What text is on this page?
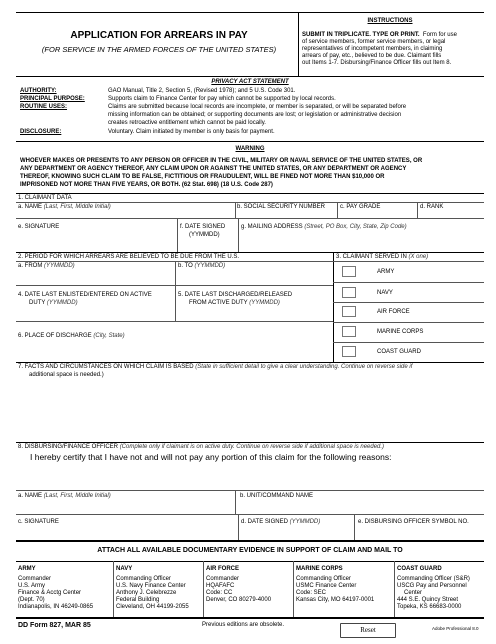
APPLICATION FOR ARREARS IN PAY
(FOR SERVICE IN THE ARMED FORCES OF THE UNITED STATES)
INSTRUCTIONS
SUBMIT IN TRIPLICATE. TYPE OR PRINT. Form for use
of service members, former service members, or legal
representatives of incompetent members, in claiming
arrears of pay, etc., believed to be due. Claimant fills
out Items 1-7. Disbursing/Finance Officer fills out Item 8.
PRIVACY ACT STATEMENT
AUTHORITY:	GAO Manual, Title 2, Section 5, (Revised 1978); and 5 U.S. Code 301.
PRINCIPAL PURPOSE:	Supports claim to Finance Center for pay which cannot be supported by local records.
ROUTINE USES:	Claims are submitted because local records are incomplete, or member is separated, or will be separated before
missing information can be obtained; or supporting documents are lost; or legislation or administrative decision
creates retroactive entitlement which cannot be paid locally.
DISCLOSURE:	Voluntary. Claim initiated by member is only basis for payment.
WARNING
WHOEVER MAKES OR PRESENTS TO ANY PERSON OR OFFICER IN THE CIVIL, MILITARY OR NAVAL SERVICE OF THE UNITED STATES, OR
ANY DEPARTMENT OR AGENCY THEREOF, ANY CLAIM UPON OR AGAINST THE UNITED STATES, OR ANY DEPARTMENT OR AGENCY
THEREOF, KNOWING SUCH CLAIM TO BE FALSE, FICTITIOUS OR FRAUDULENT, WILL BE FINED NOT MORE THAN $10,000 OR
IMPRISONED NOT MORE THAN FIVE YEARS, OR BOTH. (62 Stat. 698) (18 U.S. Code 287)
1. CLAIMANT DATA
a. NAME (Last, First, Middle Initial)	b. SOCIAL SECURITY NUMBER c. PAY GRADE	d. RANK
e. SIGNATURE	f. DATE SIGNED
(YYMMDD)
g. MAILING ADDRESS (Street, PO Box, City, State, Zip Code)
2. PERIOD FOR WHICH ARREARS ARE BELIEVED TO BE DUE FROM THE U.S.	3. CLAIMANT SERVED IN (X one)
a. FROM (YYMMDD)	b. TO (YYMMDD)
4. DATE LAST ENLISTED/ENTERED ON ACTIVE
DUTY (YYMMDD)
5. DATE LAST DISCHARGED/RELEASED
FROM ACTIVE DUTY (YYMMDD)
6. PLACE OF DISCHARGE (City, State)
ARMY
NAVY
AIR FORCE
MARINE CORPS
COAST GUARD
7. FACTS AND CIRCUMSTANCES ON WHICH CLAIM IS BASED (State in sufficient detail to give a clear understanding. Continue on reverse side if
additional space is needed.)
8. DISBURSING/FINANCE OFFICER (Complete only if claimant is on active duty. Continue on reverse side if additional space is needed.)
I hereby certify that I have not and will not pay any portion of this claim for the following reasons:
a. NAME (Last, First, Middle Initial)	b. UNIT/COMMAND NAME
c. SIGNATURE	d. DATE SIGNED (YYMMDD)	e. DISBURSING OFFICER SYMBOL NO.
ATTACH ALL AVAILABLE DOCUMENTARY EVIDENCE IN SUPPORT OF CLAIM AND MAIL TO
ARMY
Commander
U.S. Army
Finance & Acctg Center
(Dept. 70)
Indianapolis, IN 46249-0865
NAVY
Commanding Officer
U.S. Navy Finance Center
Anthony J. Celebrezze
Federal Building
Cleveland, OH 44199-2055
AIR FORCE
Commander
HQAFAFC
Code: CC
Denver, CO 80279-4000
MARINE CORPS
Commanding Officer
USMC Finance Center
Code: SEC
Kansas City, MO 64197-0001
COAST GUARD
Commanding Officer (S&R)
USCG Pay and Personnel
Center
444 S.E. Quincy Street
Topeka, KS 66683-0000
DD Form 827, MAR 85	Previous editions are obsolete.
Reset	Adobe Professional 8.0
